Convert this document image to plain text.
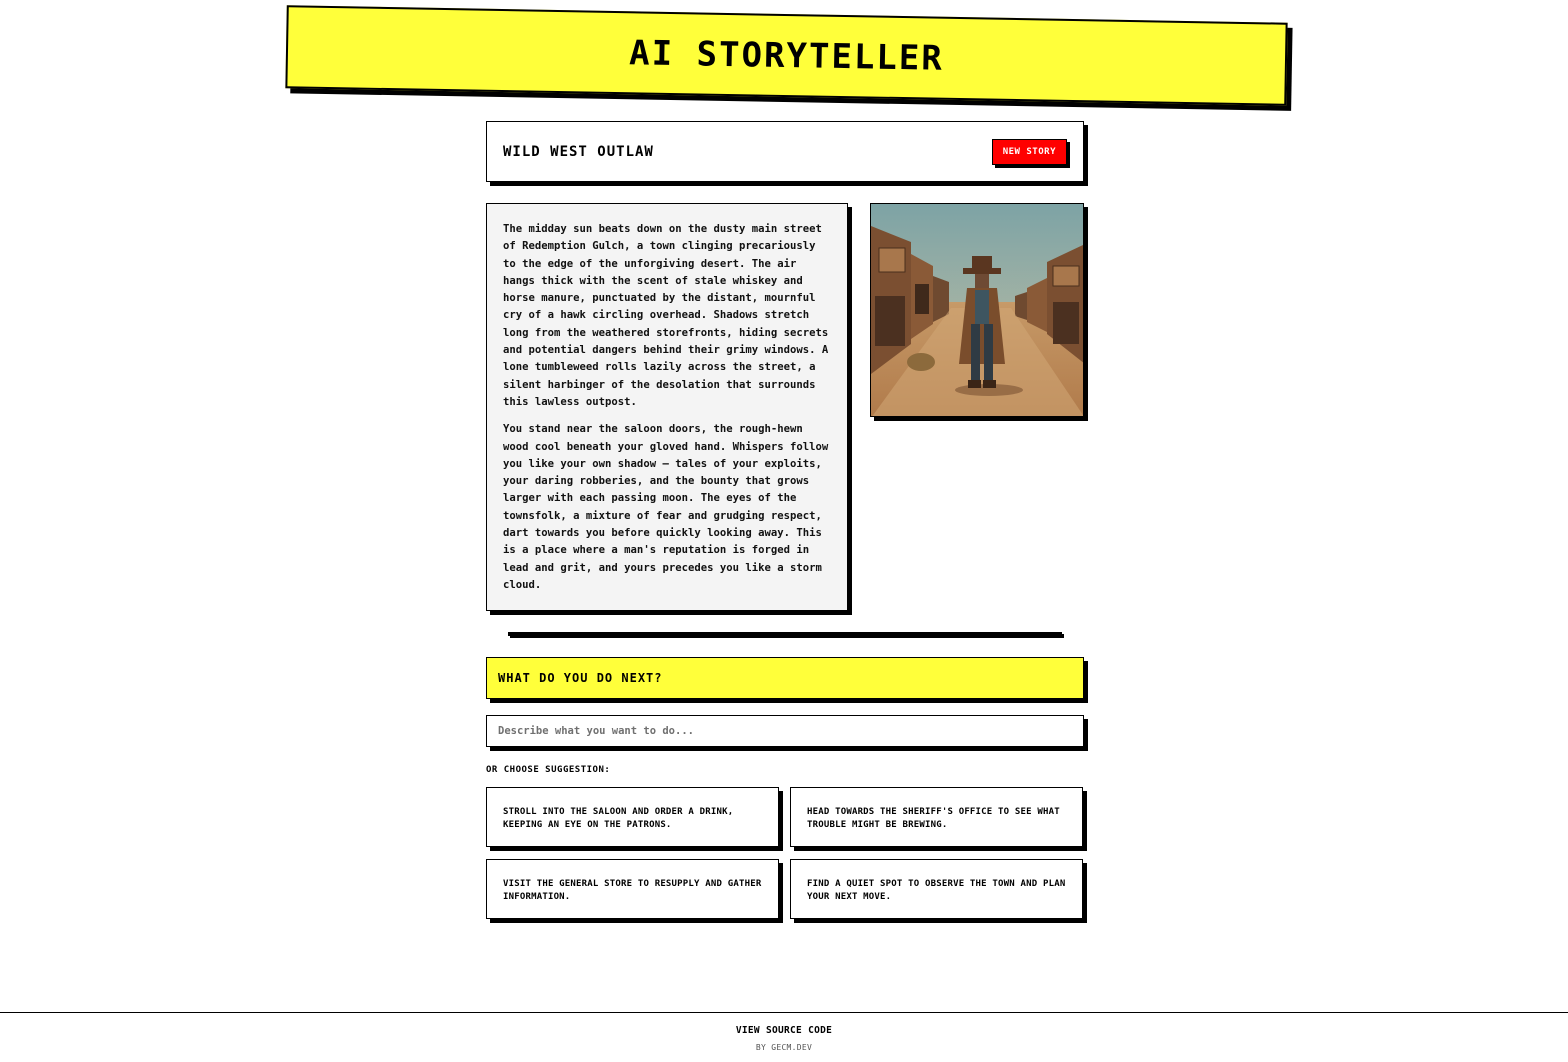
AI STORYTELLER
WILD WEST OUTLAW	NEW STORY

The midday sun beats down on the dusty main street of Redemption Gulch, a town clinging precariously to the edge of the unforgiving desert. The air hangs thick with the scent of stale whiskey and horse manure, punctuated by the distant, mournful cry of a hawk circling overhead. Shadows stretch long from the weathered storefronts, hiding secrets and potential dangers behind their grimy windows. A lone tumbleweed rolls lazily across the street, a silent harbinger of the desolation that surrounds this lawless outpost.

You stand near the saloon doors, the rough-hewn wood cool beneath your gloved hand. Whispers follow you like your own shadow – tales of your exploits, your daring robberies, and the bounty that grows larger with each passing moon. The eyes of the townsfolk, a mixture of fear and grudging respect, dart towards you before quickly looking away. This is a place where a man's reputation is forged in lead and grit, and yours precedes you like a storm cloud.

WHAT DO YOU DO NEXT?
Describe what you want to do...
OR CHOOSE SUGGESTION:
STROLL INTO THE SALOON AND ORDER A DRINK, KEEPING AN EYE ON THE PATRONS.
HEAD TOWARDS THE SHERIFF'S OFFICE TO SEE WHAT TROUBLE MIGHT BE BREWING.
VISIT THE GENERAL STORE TO RESUPPLY AND GATHER INFORMATION.
FIND A QUIET SPOT TO OBSERVE THE TOWN AND PLAN YOUR NEXT MOVE.
VIEW SOURCE CODE
BY GECM.DEV
